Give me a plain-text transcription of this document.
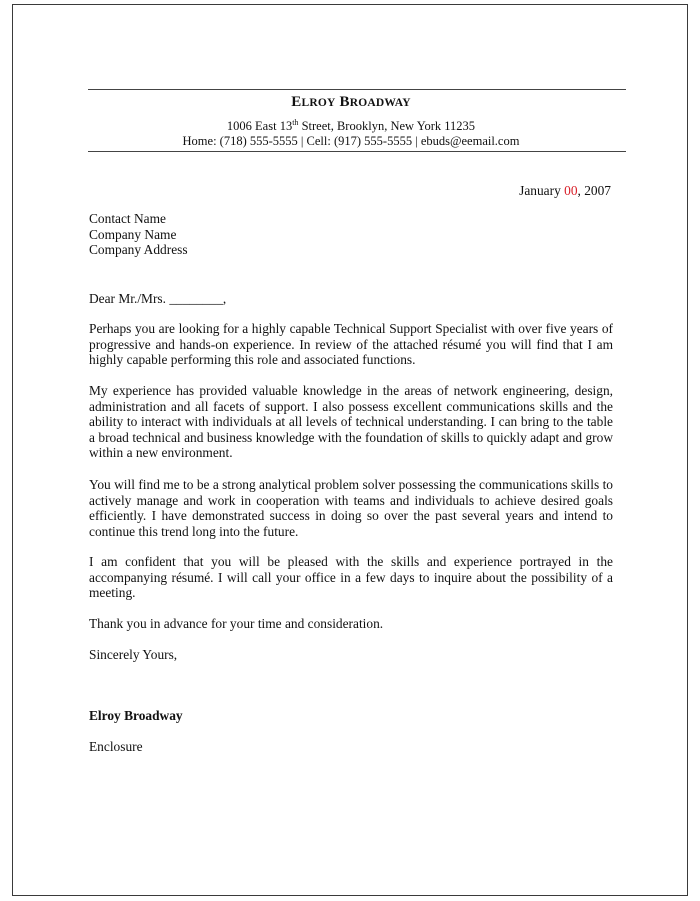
ELROY BROADWAY
1006 East 13th Street, Brooklyn, New York 11235
Home: (718) 555-5555 | Cell: (917) 555-5555 | ebuds@eemail.com
January 00, 2007
Contact Name
Company Name
Company Address
Dear Mr./Mrs. ________,
Perhaps you are looking for a highly capable Technical Support Specialist with over five years of progressive and hands-on experience. In review of the attached résumé you will find that I am highly capable performing this role and associated functions.
My experience has provided valuable knowledge in the areas of network engineering, design, administration and all facets of support. I also possess excellent communications skills and the ability to interact with individuals at all levels of technical understanding. I can bring to the table a broad technical and business knowledge with the foundation of skills to quickly adapt and grow within a new environment.
You will find me to be a strong analytical problem solver possessing the communications skills to actively manage and work in cooperation with teams and individuals to achieve desired goals efficiently. I have demonstrated success in doing so over the past several years and intend to continue this trend long into the future.
I am confident that you will be pleased with the skills and experience portrayed in the accompanying résumé. I will call your office in a few days to inquire about the possibility of a meeting.
Thank you in advance for your time and consideration.
Sincerely Yours,
Elroy Broadway
Enclosure
